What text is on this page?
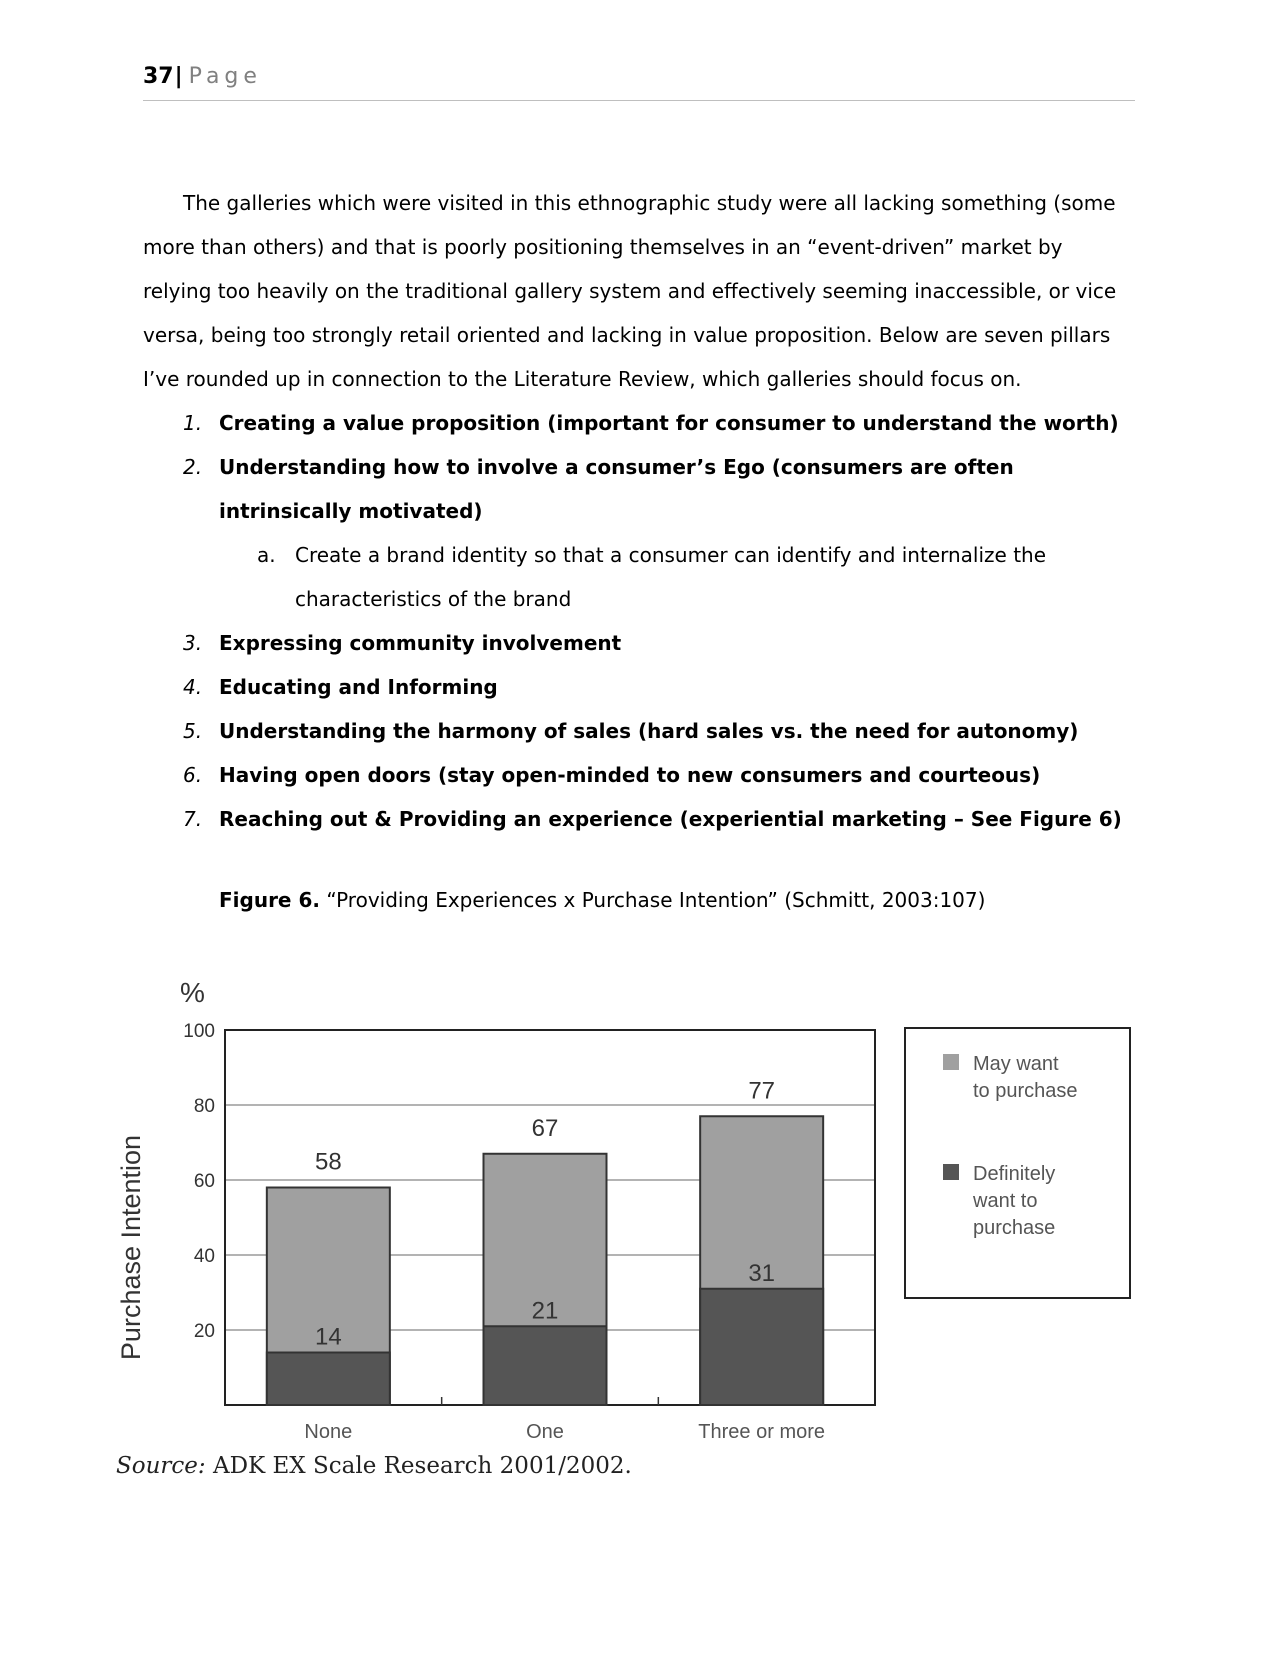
37| Page

The galleries which were visited in this ethnographic study were all lacking something (some more than others) and that is poorly positioning themselves in an “event-driven” market by relying too heavily on the traditional gallery system and effectively seeming inaccessible, or vice versa, being too strongly retail oriented and lacking in value proposition. Below are seven pillars I’ve rounded up in connection to the Literature Review, which galleries should focus on.

1. Creating a value proposition (important for consumer to understand the worth)
2. Understanding how to involve a consumer’s Ego (consumers are often intrinsically motivated)
a. Create a brand identity so that a consumer can identify and internalize the characteristics of the brand
3. Expressing community involvement
4. Educating and Informing
5. Understanding the harmony of sales (hard sales vs. the need for autonomy)
6. Having open doors (stay open-minded to new consumers and courteous)
7. Reaching out & Providing an experience (experiential marketing – See Figure 6)
Figure 6. “Providing Experiences x Purchase Intention” (Schmitt, 2003:107)
20
40
60
80
100
%
Purchase Intention	58
14
None
67
21
One
77
31
Three or more
May want
to purchase
Definitely
want to
purchase
Source: ADK EX Scale Research 2001/2002.
